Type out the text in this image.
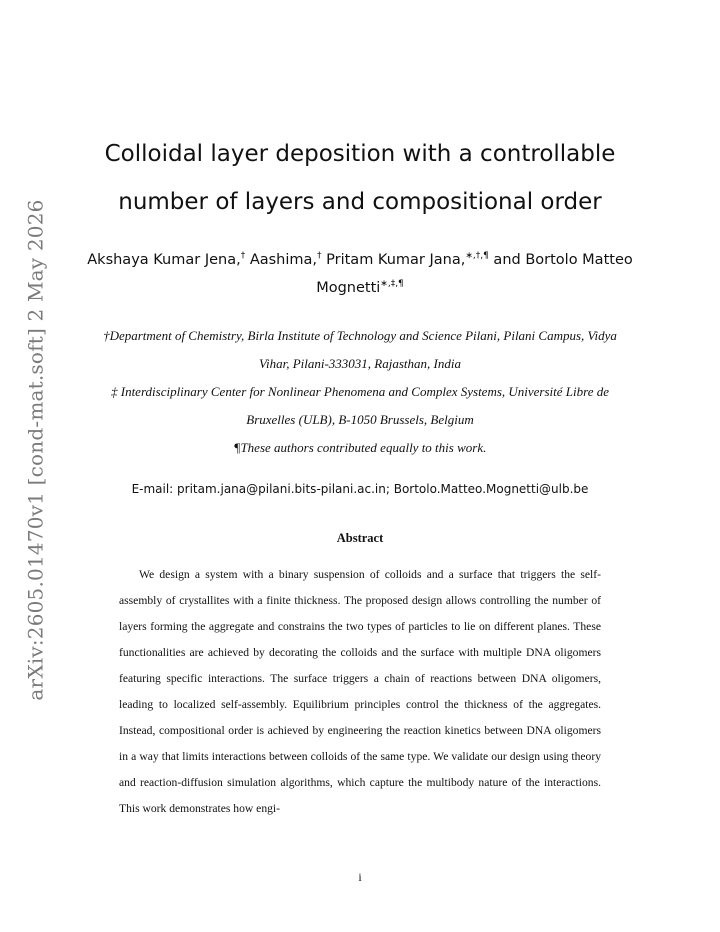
arXiv:2605.01470v1 [cond-mat.soft] 2 May 2026
Colloidal layer deposition with a controllable
number of layers and compositional order
Akshaya Kumar Jena,† Aashima,† Pritam Kumar Jana,∗,†,¶ and Bortolo Matteo Mognetti∗,‡,¶
†Department of Chemistry, Birla Institute of Technology and Science Pilani, Pilani Campus, Vidya Vihar, Pilani-333031, Rajasthan, India
‡ Interdisciplinary Center for Nonlinear Phenomena and Complex Systems, Université Libre de Bruxelles (ULB), B-1050 Brussels, Belgium
¶These authors contributed equally to this work.
E-mail: pritam.jana@pilani.bits-pilani.ac.in; Bortolo.Matteo.Mognetti@ulb.be
Abstract
We design a system with a binary suspension of colloids and a surface that triggers the self-assembly of crystallites with a finite thickness. The proposed design allows controlling the number of layers forming the aggregate and constrains the two types of particles to lie on different planes. These functionalities are achieved by decorating the colloids and the surface with multiple DNA oligomers featuring specific interactions. The surface triggers a chain of reactions between DNA oligomers, leading to localized self-assembly. Equilibrium principles control the thickness of the aggregates. Instead, compositional order is achieved by engineering the reaction kinetics between DNA oligomers in a way that limits interactions between colloids of the same type. We validate our design using theory and reaction-diffusion simulation algorithms, which capture the multibody nature of the interactions. This work demonstrates how engi-
i
